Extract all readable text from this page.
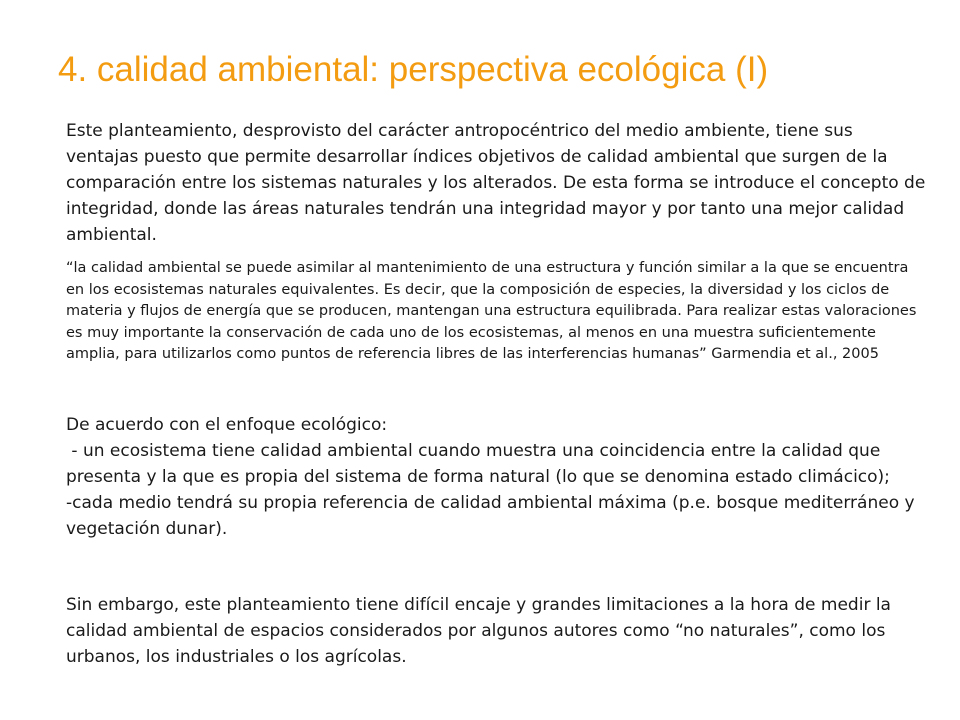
4. calidad ambiental: perspectiva ecológica (I)

Este planteamiento, desprovisto del carácter antropocéntrico del medio ambiente, tiene sus ventajas puesto que permite desarrollar índices objetivos de calidad ambiental que surgen de la comparación entre los sistemas naturales y los alterados. De esta forma se introduce el concepto de integridad, donde las áreas naturales tendrán una integridad mayor y por tanto una mejor calidad ambiental.

“la calidad ambiental se puede asimilar al mantenimiento de una estructura y función similar a la que se encuentra en los ecosistemas naturales equivalentes. Es decir, que la composición de especies, la diversidad y los ciclos de materia y flujos de energía que se producen, mantengan una estructura equilibrada. Para realizar estas valoraciones es muy importante la conservación de cada uno de los ecosistemas, al menos en una muestra suficientemente amplia, para utilizarlos como puntos de referencia libres de las interferencias humanas” Garmendia et al., 2005

De acuerdo con el enfoque ecológico:

- un ecosistema tiene calidad ambiental cuando muestra una coincidencia entre la calidad que presenta y la que es propia del sistema de forma natural (lo que se denomina estado climácico);

-cada medio tendrá su propia referencia de calidad ambiental máxima (p.e. bosque mediterráneo y vegetación dunar).

Sin embargo, este planteamiento tiene difícil encaje y grandes limitaciones a la hora de medir la calidad ambiental de espacios considerados por algunos autores como “no naturales”, como los urbanos, los industriales o los agrícolas.
